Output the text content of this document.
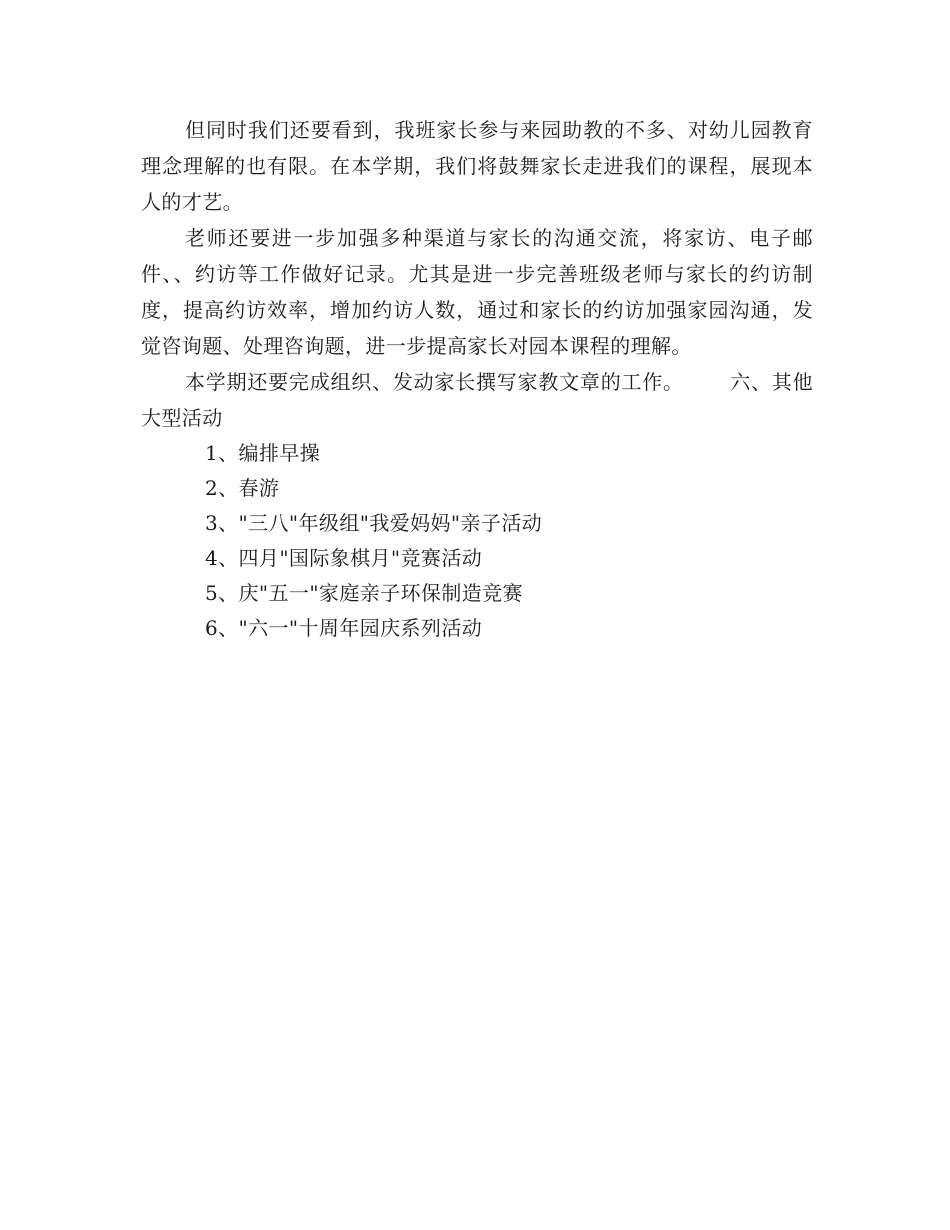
但同时我们还要看到，我班家长参与来园助教的不多、对幼儿园教育理念理解的也有限。在本学期，我们将鼓舞家长走进我们的课程，展现本人的才艺。

老师还要进一步加强多种渠道与家长的沟通交流，将家访、电子邮件、、约访等工作做好记录。尤其是进一步完善班级老师与家长的约访制度，提高约访效率，增加约访人数，通过和家长的约访加强家园沟通，发觉咨询题、处理咨询题，进一步提高家长对园本课程的理解。

本学期还要完成组织、发动家长撰写家教文章的工作。 六、其他大型活动

1、编排早操
2、春游
3、"三八"年级组"我爱妈妈"亲子活动
4、四月"国际象棋月"竞赛活动
5、庆"五一"家庭亲子环保制造竞赛
6、"六一"十周年园庆系列活动
